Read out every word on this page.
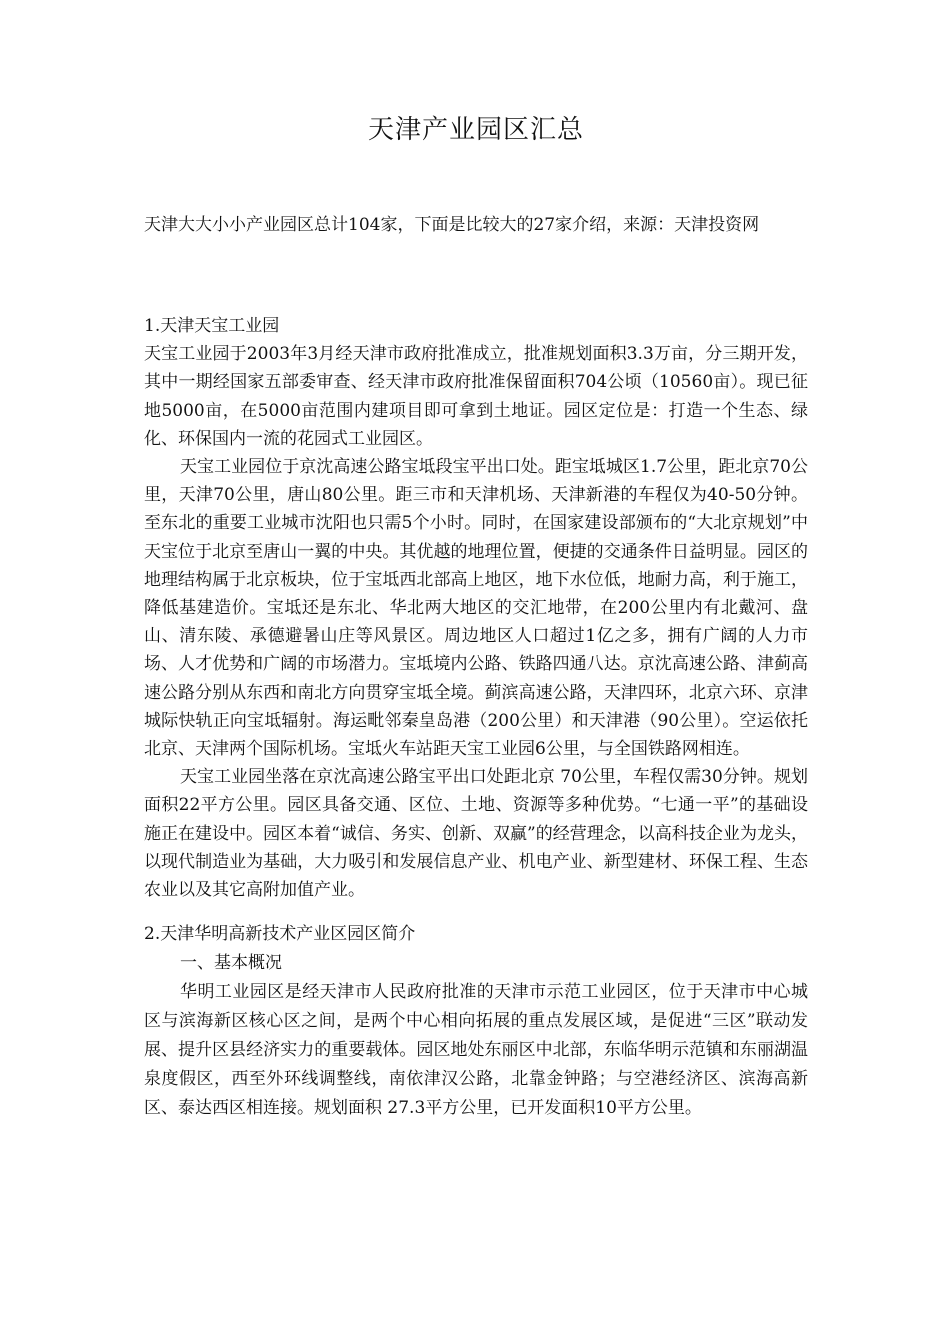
天津产业园区汇总

天津大大小小产业园区总计104家，下面是比较大的27家介绍，来源：天津投资网

1.天津天宝工业园

天宝工业园于2003年3月经天津市政府批准成立，批准规划面积3.3万亩，分三期开发，其中一期经国家五部委审查、经天津市政府批准保留面积704公顷（10560亩）。现已征地5000亩，在5000亩范围内建项目即可拿到土地证。园区定位是：打造一个生态、绿化、环保国内一流的花园式工业园区。

天宝工业园位于京沈高速公路宝坻段宝平出口处。距宝坻城区1.7公里，距北京70公里，天津70公里，唐山80公里。距三市和天津机场、天津新港的车程仅为40-50分钟。至东北的重要工业城市沈阳也只需5个小时。同时，在国家建设部颁布的“大北京规划”中天宝位于北京至唐山一翼的中央。其优越的地理位置，便捷的交通条件日益明显。园区的地理结构属于北京板块，位于宝坻西北部高上地区，地下水位低，地耐力高，利于施工，降低基建造价。宝坻还是东北、华北两大地区的交汇地带，在200公里内有北戴河、盘山、清东陵、承德避暑山庄等风景区。周边地区人口超过1亿之多，拥有广阔的人力市场、人才优势和广阔的市场潜力。宝坻境内公路、铁路四通八达。京沈高速公路、津蓟高速公路分别从东西和南北方向贯穿宝坻全境。蓟滨高速公路，天津四环，北京六环、京津城际快轨正向宝坻辐射。海运毗邻秦皇岛港（200公里）和天津港（90公里）。空运依托北京、天津两个国际机场。宝坻火车站距天宝工业园6公里，与全国铁路网相连。

天宝工业园坐落在京沈高速公路宝平出口处距北京 70公里，车程仅需30分钟。规划面积22平方公里。园区具备交通、区位、土地、资源等多种优势。“七通一平”的基础设施正在建设中。园区本着“诚信、务实、创新、双赢”的经营理念，以高科技企业为龙头，以现代制造业为基础，大力吸引和发展信息产业、机电产业、新型建材、环保工程、生态农业以及其它高附加值产业。

2.天津华明高新技术产业区园区简介

一、基本概况

华明工业园区是经天津市人民政府批准的天津市示范工业园区，位于天津市中心城区与滨海新区核心区之间，是两个中心相向拓展的重点发展区域，是促进“三区”联动发展、提升区县经济实力的重要载体。园区地处东丽区中北部，东临华明示范镇和东丽湖温泉度假区，西至外环线调整线，南依津汉公路，北靠金钟路；与空港经济区、滨海高新区、泰达西区相连接。规划面积 27.3平方公里，已开发面积10平方公里。
